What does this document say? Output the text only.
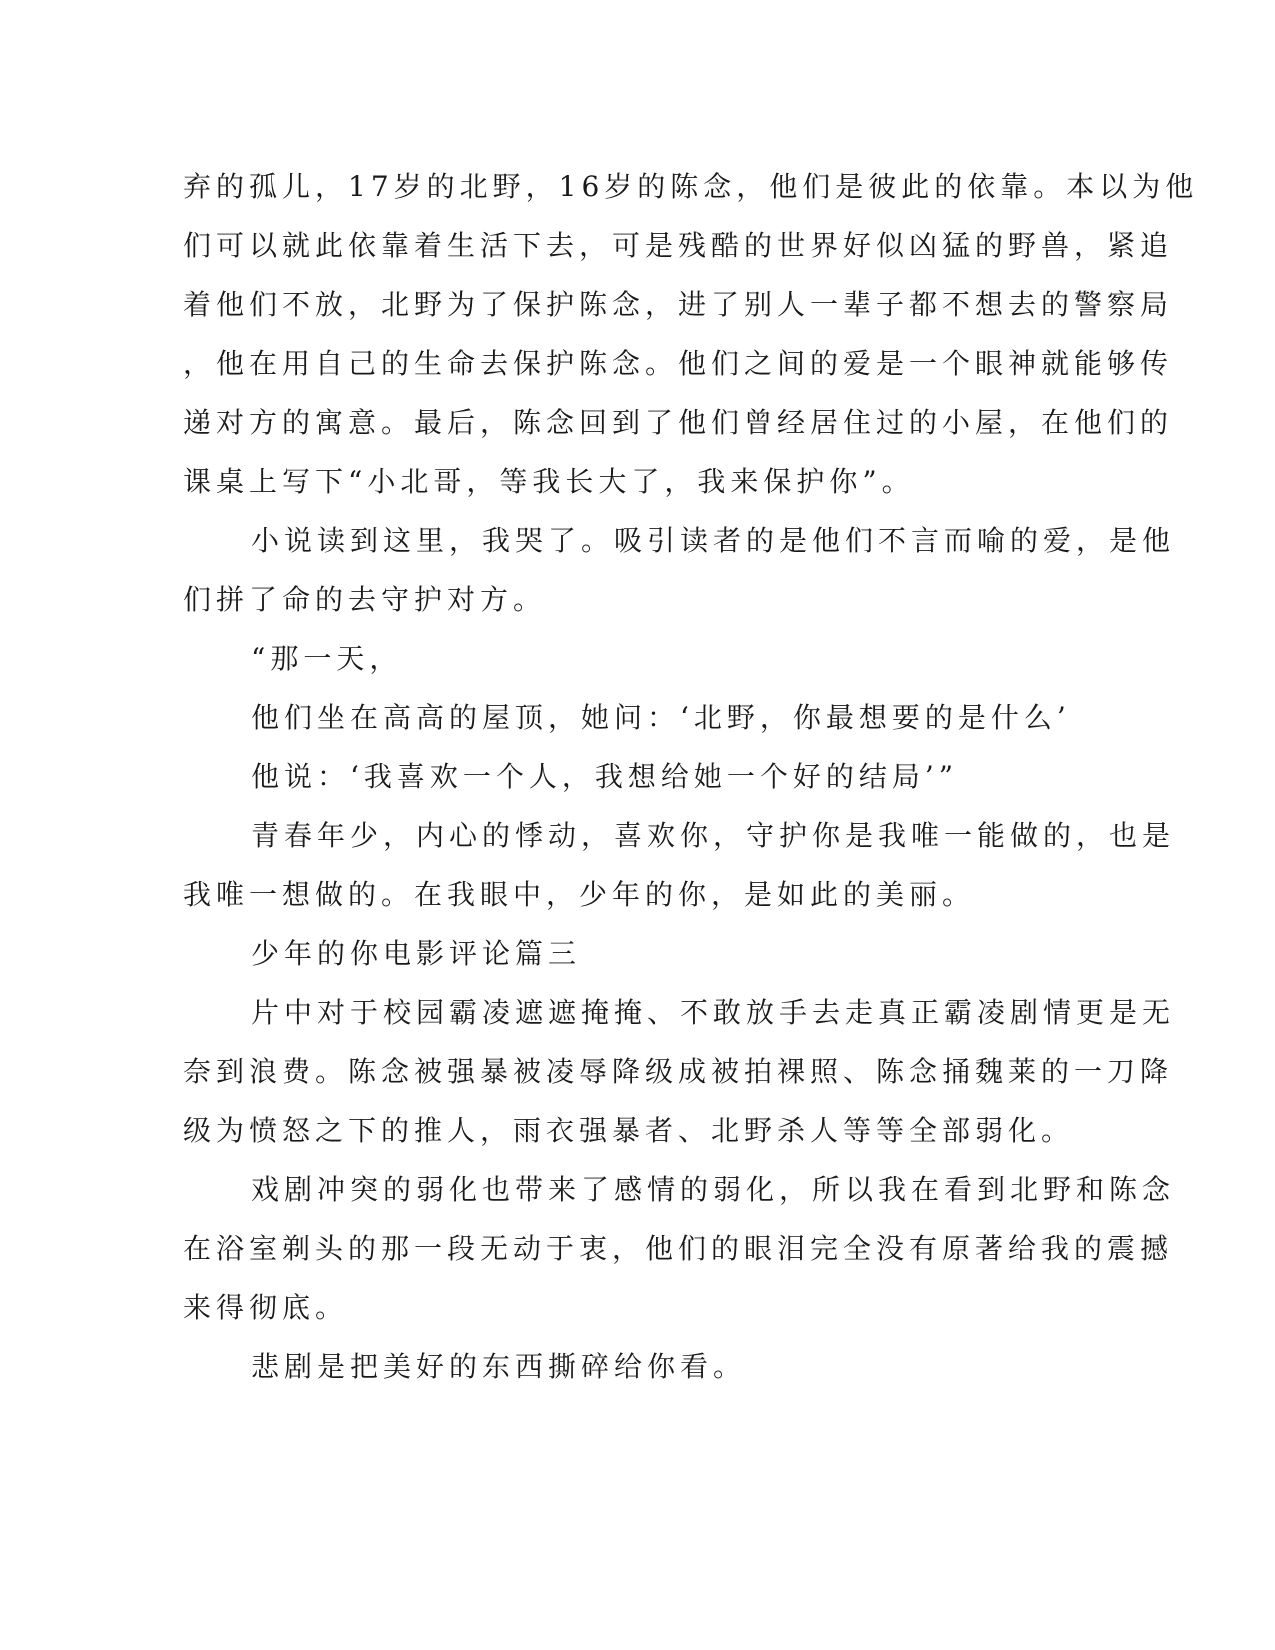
弃的孤儿，17岁的北野，16岁的陈念，他们是彼此的依靠。本以为他
们可以就此依靠着生活下去，可是残酷的世界好似凶猛的野兽，紧追
着他们不放，北野为了保护陈念，进了别人一辈子都不想去的警察局
，他在用自己的生命去保护陈念。他们之间的爱是一个眼神就能够传
递对方的寓意。最后，陈念回到了他们曾经居住过的小屋，在他们的
课桌上写下“小北哥，等我长大了，我来保护你”。
小说读到这里，我哭了。吸引读者的是他们不言而喻的爱，是他
们拼了命的去守护对方。
“那一天，
他们坐在高高的屋顶，她问：‘北野，你最想要的是什么’
他说：‘我喜欢一个人，我想给她一个好的结局’”
青春年少，内心的悸动，喜欢你，守护你是我唯一能做的，也是
我唯一想做的。在我眼中，少年的你，是如此的美丽。
少年的你电影评论篇三
片中对于校园霸凌遮遮掩掩、不敢放手去走真正霸凌剧情更是无
奈到浪费。陈念被强暴被凌辱降级成被拍裸照、陈念捅魏莱的一刀降
级为愤怒之下的推人，雨衣强暴者、北野杀人等等全部弱化。
戏剧冲突的弱化也带来了感情的弱化，所以我在看到北野和陈念
在浴室剃头的那一段无动于衷，他们的眼泪完全没有原著给我的震撼
来得彻底。
悲剧是把美好的东西撕碎给你看。
